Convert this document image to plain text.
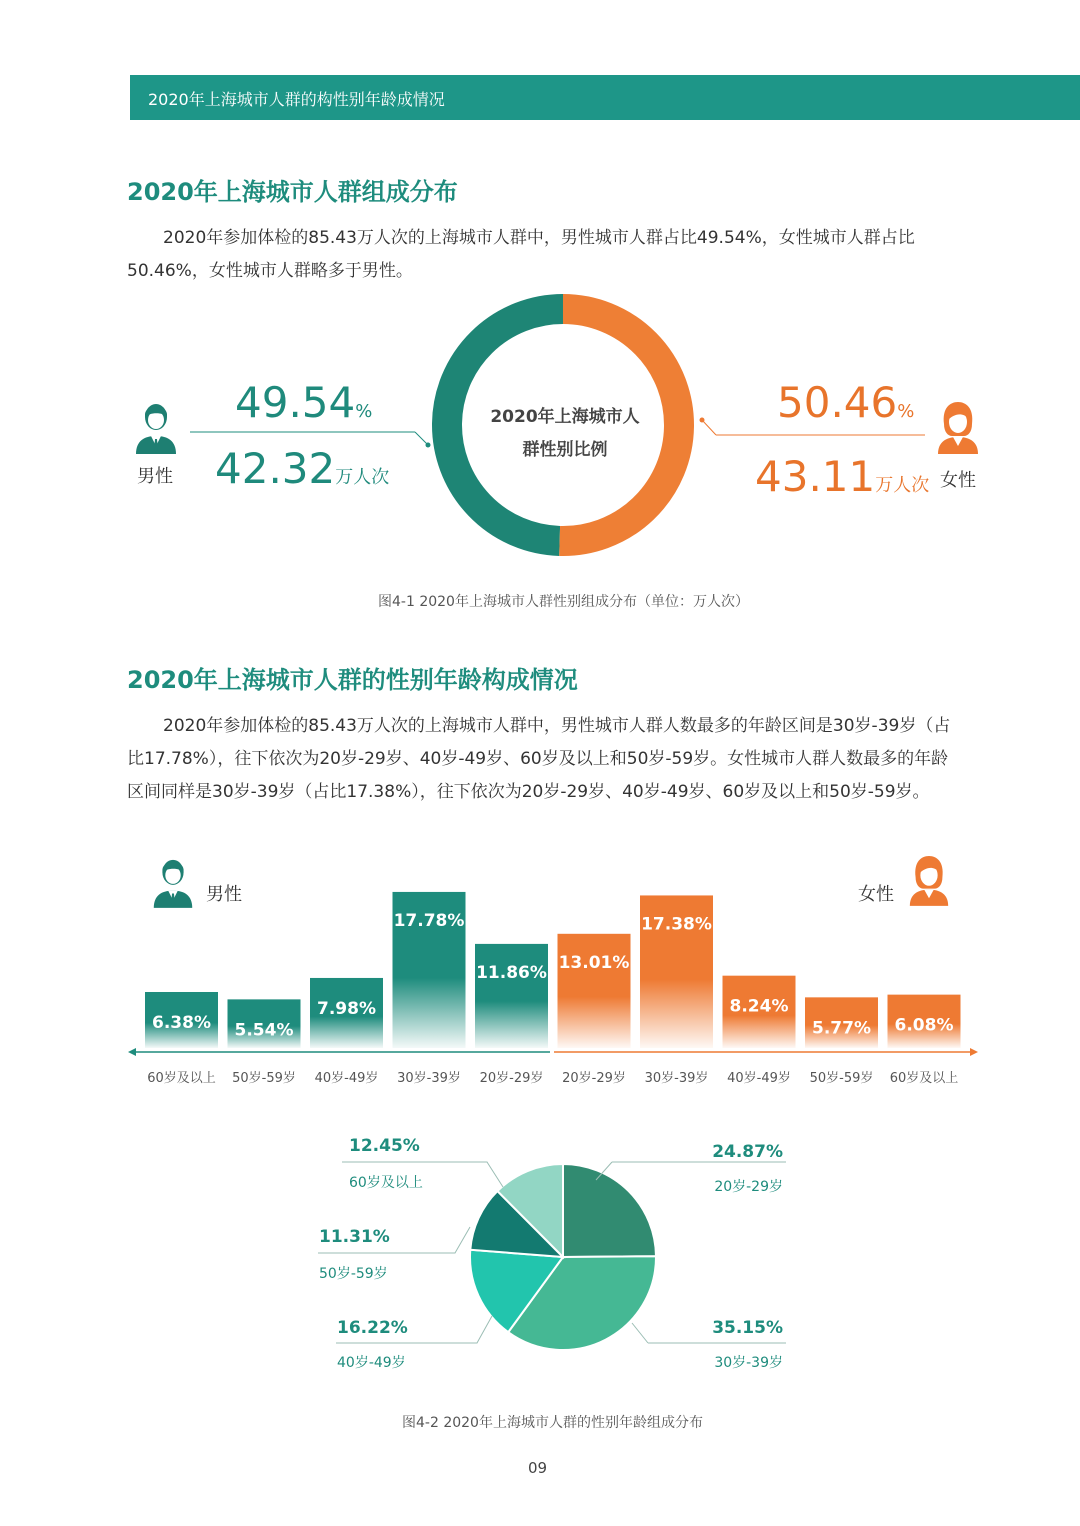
2020年上海城市人群的构性别年龄成情况
2020年上海城市人群组成分布
2020年参加体检的85.43万人次的上海城市人群中，男性城市人群占比49.54%，女性城市人群占比50.46%，女性城市人群略多于男性。
男性
49.54%
42.32万人次
50.46%
43.11万人次 女性
2020年上海城市人
群性别比例
图4-1 2020年上海城市人群性别组成分布（单位：万人次）
2020年上海城市人群的性别年龄构成情况
2020年参加体检的85.43万人次的上海城市人群中，男性城市人群人数最多的年龄区间是30岁-39岁（占比17.78%），往下依次为20岁-29岁、40岁-49岁、60岁及以上和50岁-59岁。女性城市人群人数最多的年龄区间同样是30岁-39岁（占比17.38%），往下依次为20岁-29岁、40岁-49岁、60岁及以上和50岁-59岁。
男性	女性
6.38% 5.54%
7.98%
17.78%
11.86%
13.01%
17.38%
8.24%
5.77% 6.08%
60岁及以上 50岁-59岁 40岁-49岁 30岁-39岁 20岁-29岁 20岁-29岁 30岁-39岁 40岁-49岁 50岁-59岁 60岁及以上
24.87%
20岁-29岁
35.15%
30岁-39岁
16.22%
40岁-49岁
11.31%
50岁-59岁
12.45%
60岁及以上
图4-2 2020年上海城市人群的性别年龄组成分布
09
